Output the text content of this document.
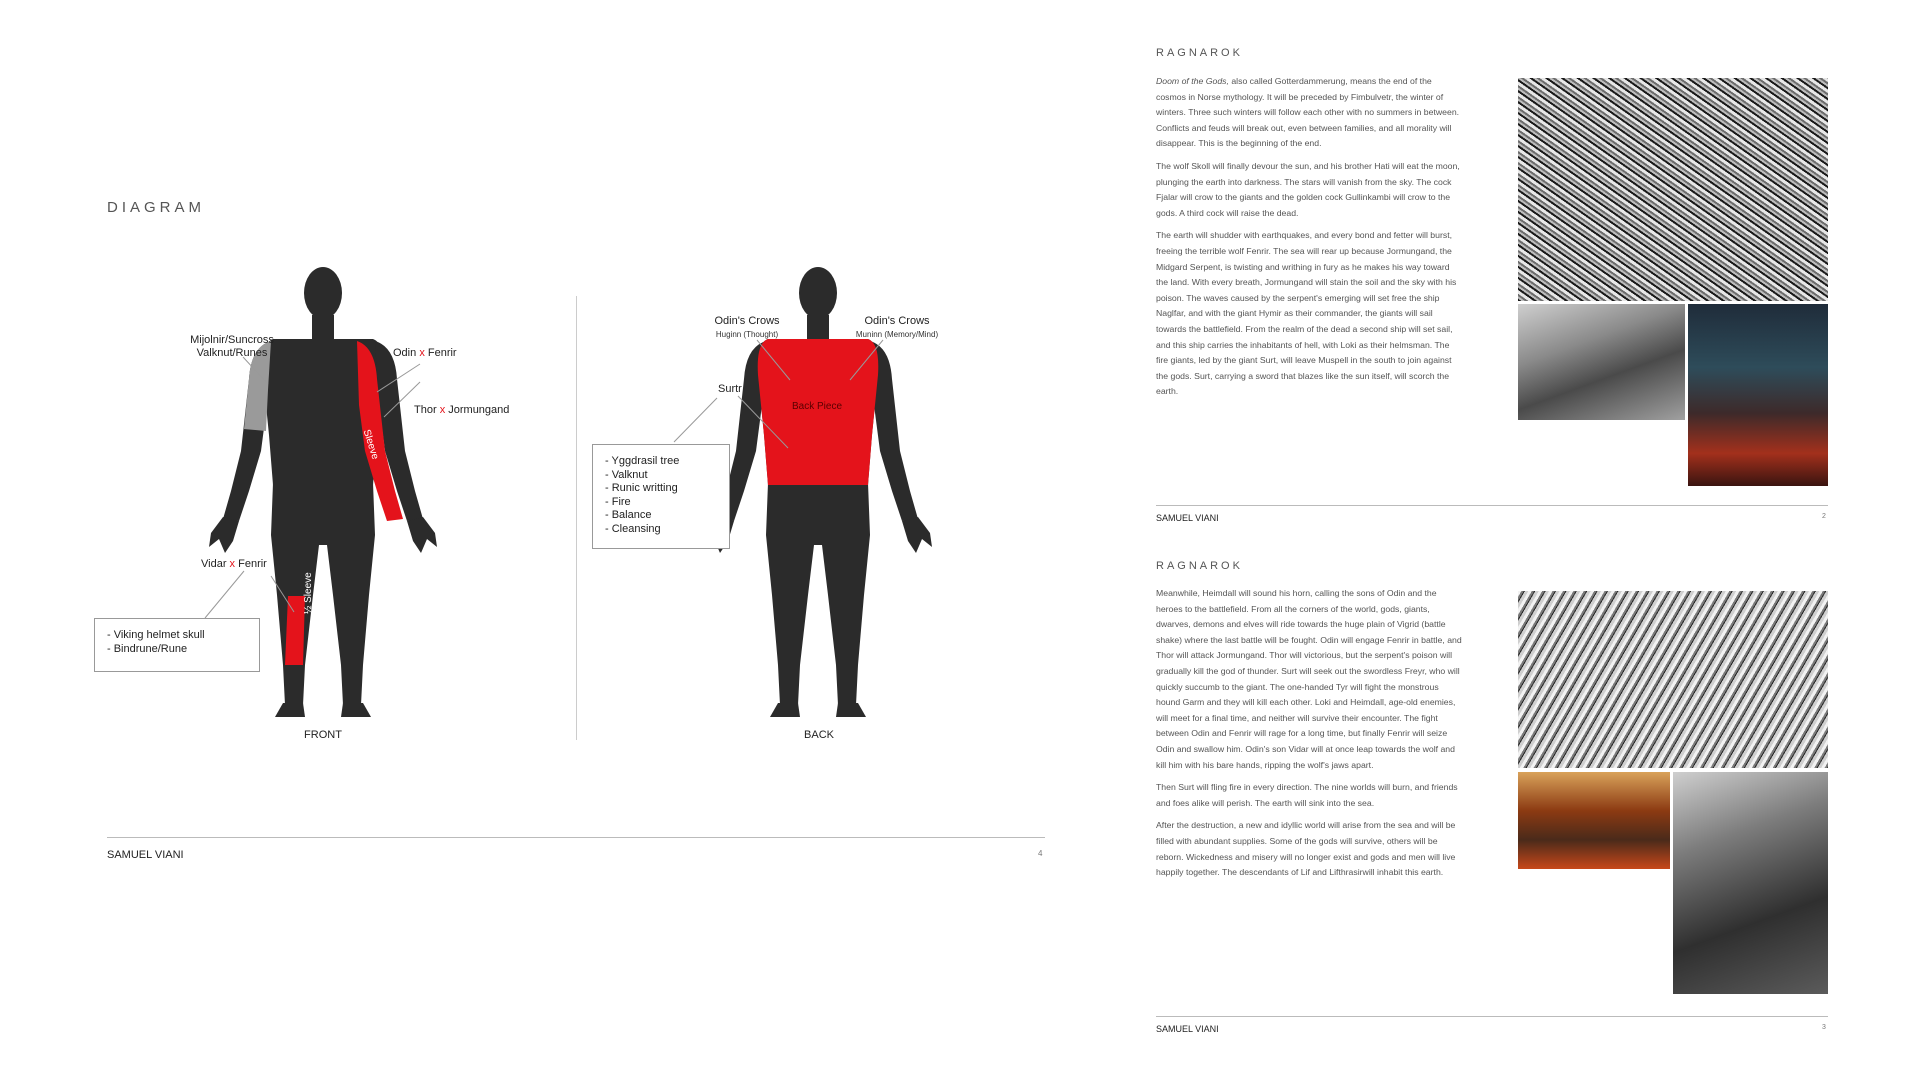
DIAGRAM
Mijolnir/Suncross
Valknut/Runes	Odin x Fenrir
Thor x Jormungand
Sleeve
Vidar x Fenrir
½ Sleeve
- Viking helmet skull
- Bindrune/Rune
FRONT
Odin's Crows
Huginn (Thought)
Odin's Crows
Muninn (Memory/Mind)
Surtr
Back Piece
- Yggdrasil tree
- Valknut
- Runic writting
- Fire
- Balance
- Cleansing
BACK
SAMUEL VIANI	4
RAGNAROK

Doom of the Gods, also called Gotterdammerung, means the end of the cosmos in Norse mythology. It will be preceded by Fimbulvetr, the winter of winters. Three such winters will follow each other with no summers in between. Conflicts and feuds will break out, even between families, and all morality will disappear. This is the beginning of the end.

The wolf Skoll will finally devour the sun, and his brother Hati will eat the moon, plunging the earth into darkness. The stars will vanish from the sky. The cock Fjalar will crow to the giants and the golden cock Gullinkambi will crow to the gods. A third cock will raise the dead.

The earth will shudder with earthquakes, and every bond and fetter will burst, freeing the terrible wolf Fenrir. The sea will rear up because Jormungand, the Midgard Serpent, is twisting and writhing in fury as he makes his way toward the land. With every breath, Jormungand will stain the soil and the sky with his poison. The waves caused by the serpent's emerging will set free the ship Naglfar, and with the giant Hymir as their commander, the giants will sail towards the battlefield. From the realm of the dead a second ship will set sail, and this ship carries the inhabitants of hell, with Loki as their helmsman. The fire giants, led by the giant Surt, will leave Muspell in the south to join against the gods. Surt, carrying a sword that blazes like the sun itself, will scorch the earth.

SAMUEL VIANI	2
RAGNAROK

Meanwhile, Heimdall will sound his horn, calling the sons of Odin and the heroes to the battlefield. From all the corners of the world, gods, giants, dwarves, demons and elves will ride towards the huge plain of Vigrid (battle shake) where the last battle will be fought. Odin will engage Fenrir in battle, and Thor will attack Jormungand. Thor will victorious, but the serpent's poison will gradually kill the god of thunder. Surt will seek out the swordless Freyr, who will quickly succumb to the giant. The one-handed Tyr will fight the monstrous hound Garm and they will kill each other. Loki and Heimdall, age-old enemies, will meet for a final time, and neither will survive their encounter. The fight between Odin and Fenrir will rage for a long time, but finally Fenrir will seize Odin and swallow him. Odin's son Vidar will at once leap towards the wolf and kill him with his bare hands, ripping the wolf's jaws apart.

Then Surt will fling fire in every direction. The nine worlds will burn, and friends and foes alike will perish. The earth will sink into the sea.

After the destruction, a new and idyllic world will arise from the sea and will be filled with abundant supplies. Some of the gods will survive, others will be reborn. Wickedness and misery will no longer exist and gods and men will live happily together. The descendants of Lif and Lifthrasirwill inhabit this earth.

SAMUEL VIANI	3
